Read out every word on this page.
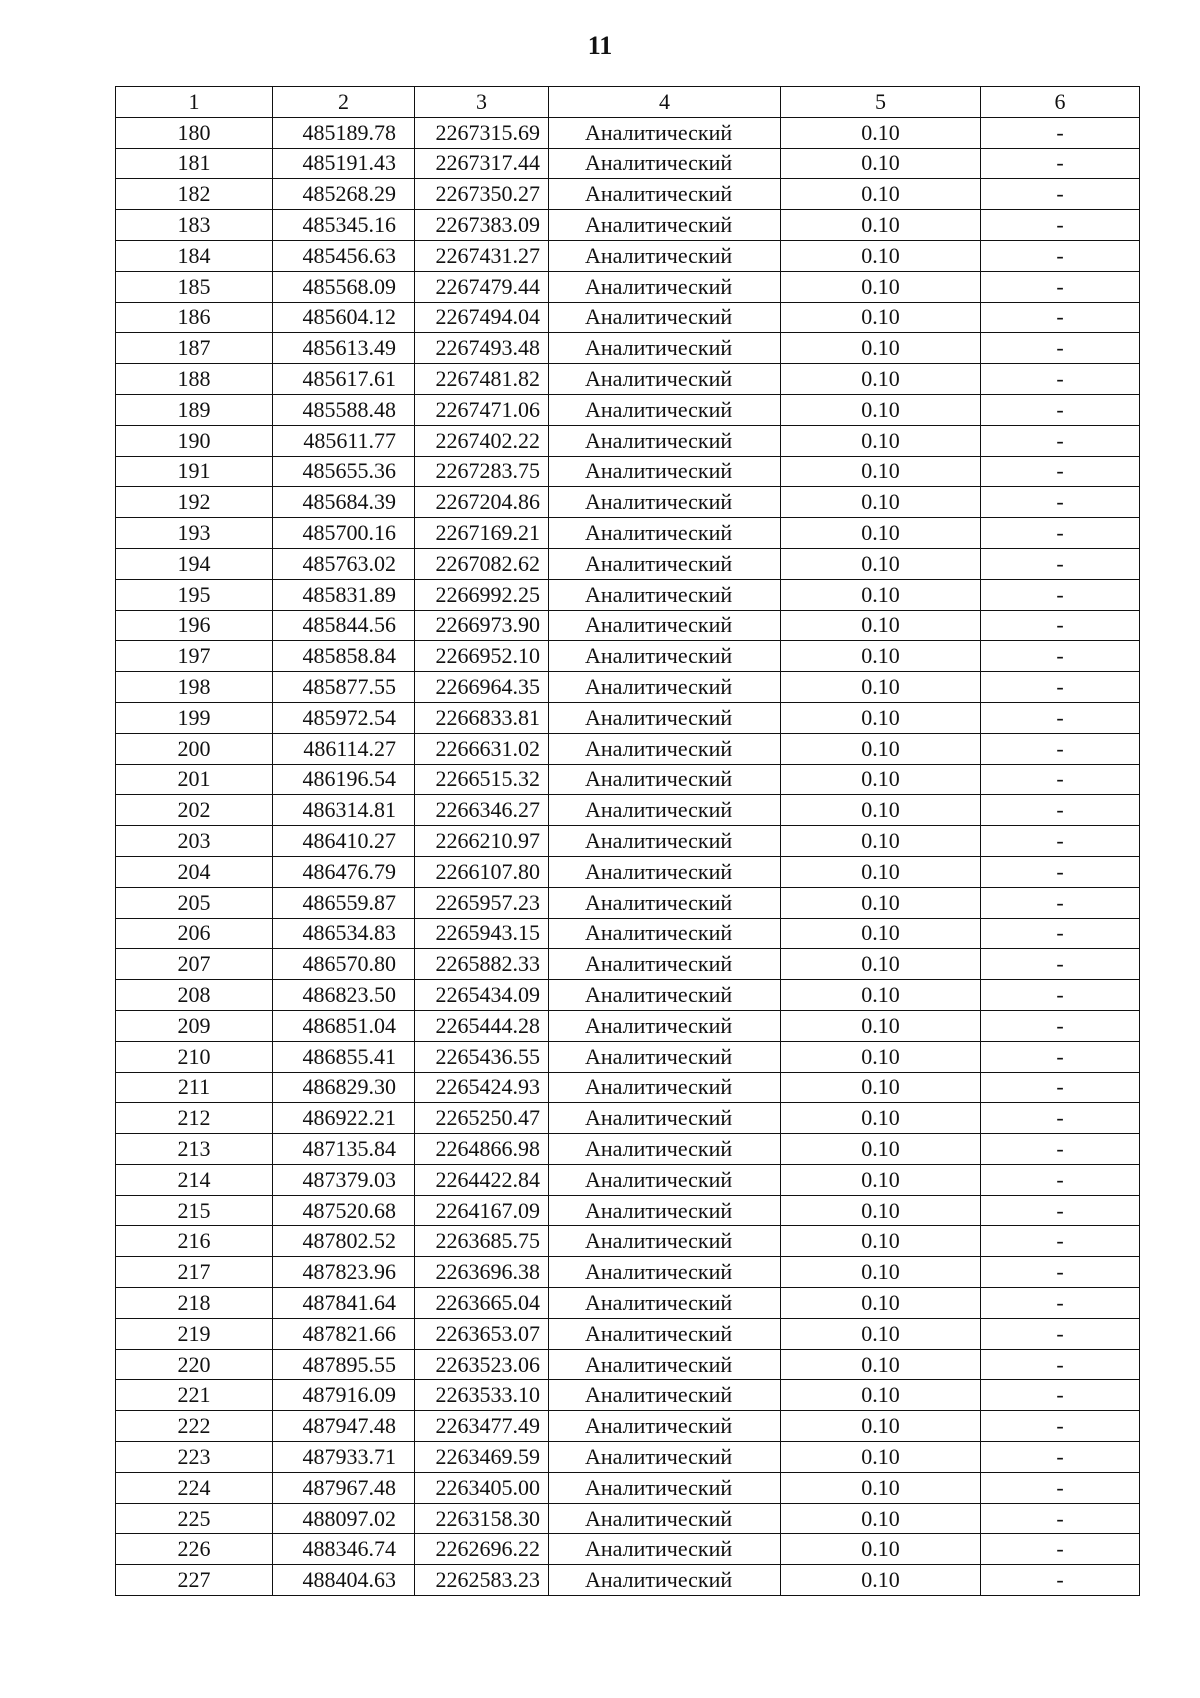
11
1	2	3	4	5	6
180	485189.78	2267315.69	Аналитический	0.10	-
181	485191.43	2267317.44	Аналитический	0.10	-
182	485268.29	2267350.27	Аналитический	0.10	-
183	485345.16	2267383.09	Аналитический	0.10	-
184	485456.63	2267431.27	Аналитический	0.10	-
185	485568.09	2267479.44	Аналитический	0.10	-
186	485604.12	2267494.04	Аналитический	0.10	-
187	485613.49	2267493.48	Аналитический	0.10	-
188	485617.61	2267481.82	Аналитический	0.10	-
189	485588.48	2267471.06	Аналитический	0.10	-
190	485611.77	2267402.22	Аналитический	0.10	-
191	485655.36	2267283.75	Аналитический	0.10	-
192	485684.39	2267204.86	Аналитический	0.10	-
193	485700.16	2267169.21	Аналитический	0.10	-
194	485763.02	2267082.62	Аналитический	0.10	-
195	485831.89	2266992.25	Аналитический	0.10	-
196	485844.56	2266973.90	Аналитический	0.10	-
197	485858.84	2266952.10	Аналитический	0.10	-
198	485877.55	2266964.35	Аналитический	0.10	-
199	485972.54	2266833.81	Аналитический	0.10	-
200	486114.27	2266631.02	Аналитический	0.10	-
201	486196.54	2266515.32	Аналитический	0.10	-
202	486314.81	2266346.27	Аналитический	0.10	-
203	486410.27	2266210.97	Аналитический	0.10	-
204	486476.79	2266107.80	Аналитический	0.10	-
205	486559.87	2265957.23	Аналитический	0.10	-
206	486534.83	2265943.15	Аналитический	0.10	-
207	486570.80	2265882.33	Аналитический	0.10	-
208	486823.50	2265434.09	Аналитический	0.10	-
209	486851.04	2265444.28	Аналитический	0.10	-
210	486855.41	2265436.55	Аналитический	0.10	-
211	486829.30	2265424.93	Аналитический	0.10	-
212	486922.21	2265250.47	Аналитический	0.10	-
213	487135.84	2264866.98	Аналитический	0.10	-
214	487379.03	2264422.84	Аналитический	0.10	-
215	487520.68	2264167.09	Аналитический	0.10	-
216	487802.52	2263685.75	Аналитический	0.10	-
217	487823.96	2263696.38	Аналитический	0.10	-
218	487841.64	2263665.04	Аналитический	0.10	-
219	487821.66	2263653.07	Аналитический	0.10	-
220	487895.55	2263523.06	Аналитический	0.10	-
221	487916.09	2263533.10	Аналитический	0.10	-
222	487947.48	2263477.49	Аналитический	0.10	-
223	487933.71	2263469.59	Аналитический	0.10	-
224	487967.48	2263405.00	Аналитический	0.10	-
225	488097.02	2263158.30	Аналитический	0.10	-
226	488346.74	2262696.22	Аналитический	0.10	-
227	488404.63	2262583.23	Аналитический	0.10	-
